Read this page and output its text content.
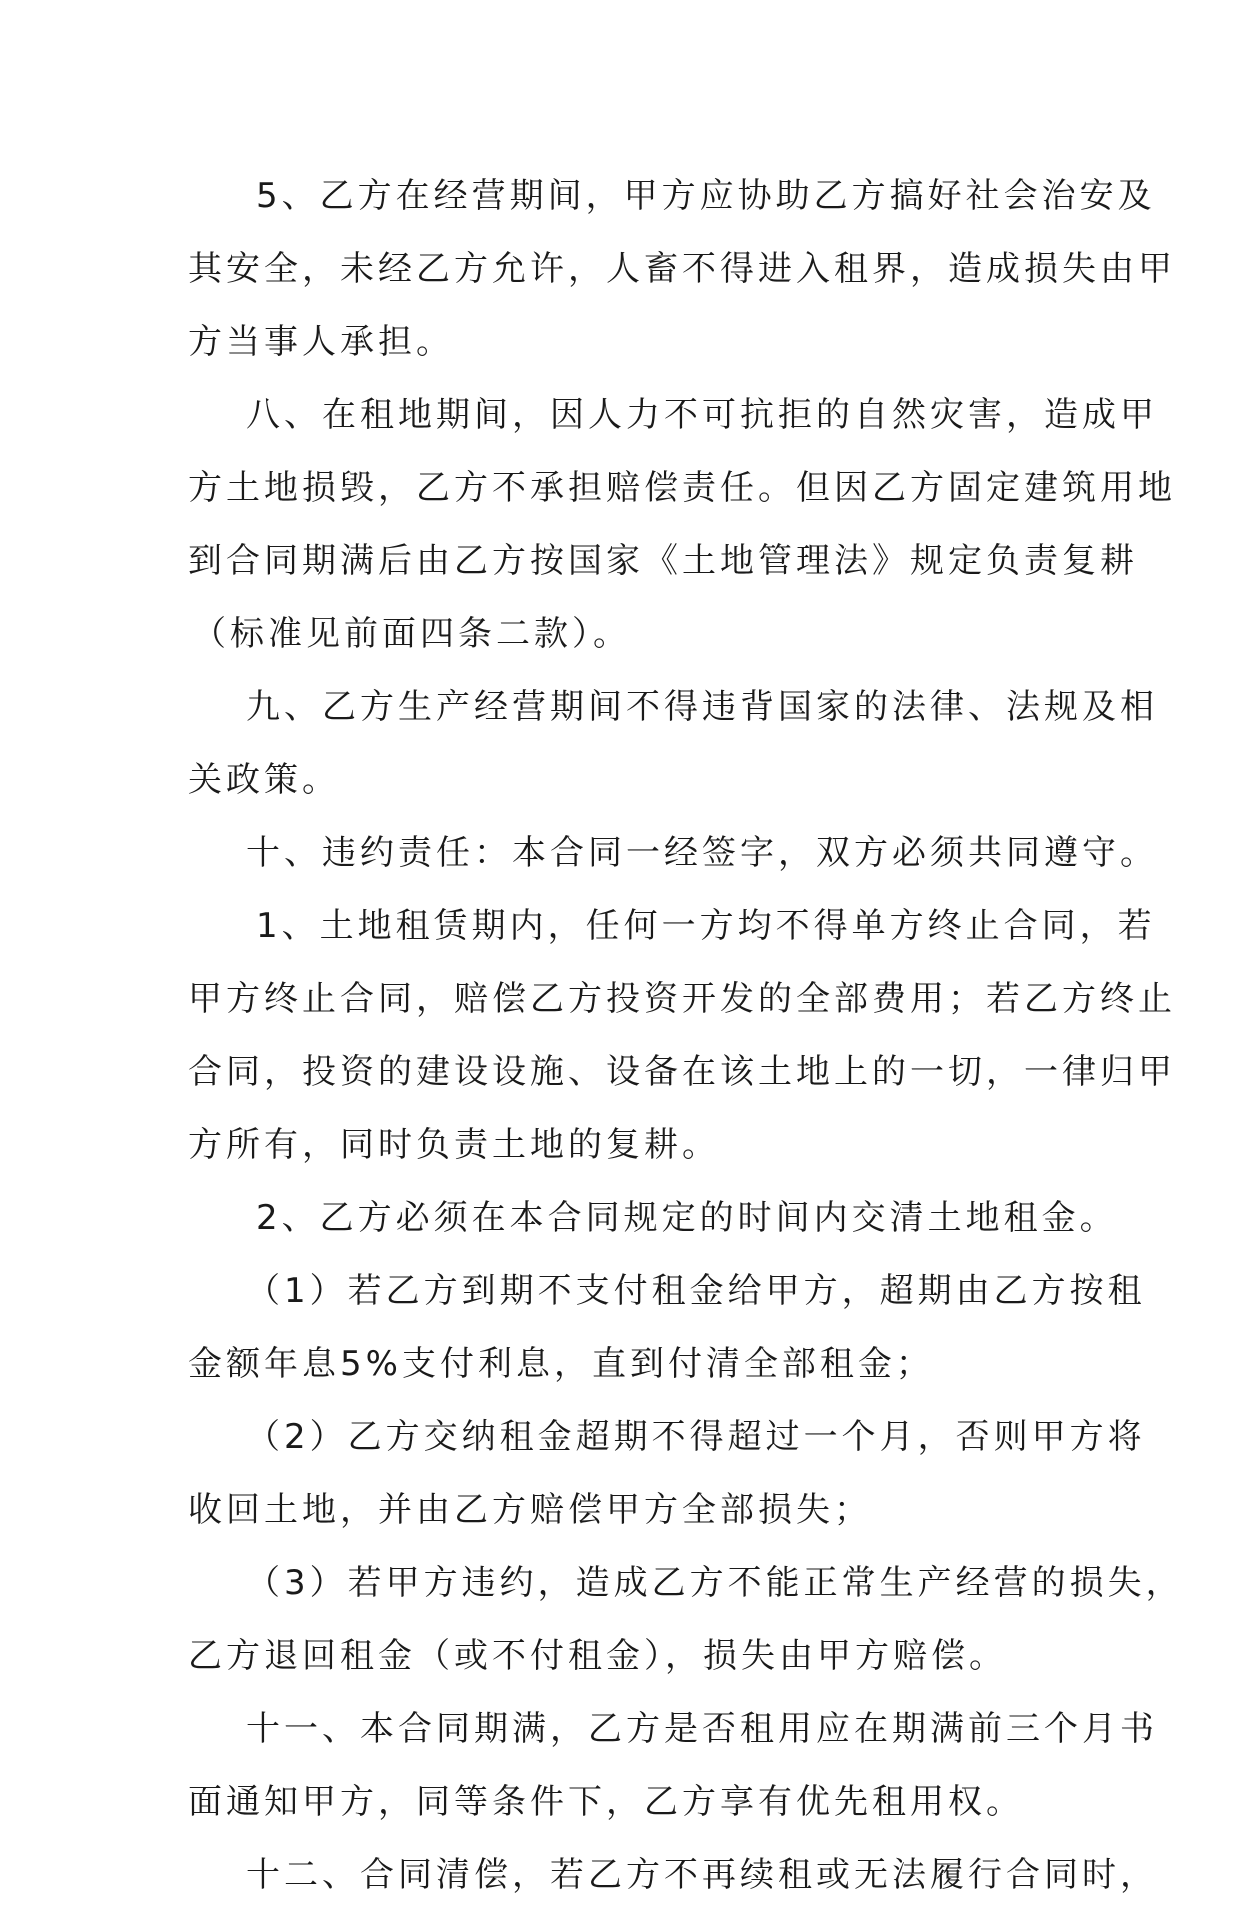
5、乙方在经营期间，甲方应协助乙方搞好社会治安及
其安全，未经乙方允许，人畜不得进入租界，造成损失由甲
方当事人承担。
八、在租地期间，因人力不可抗拒的自然灾害，造成甲
方土地损毁，乙方不承担赔偿责任。但因乙方固定建筑用地
到合同期满后由乙方按国家《土地管理法》规定负责复耕
（标准见前面四条二款）。
九、乙方生产经营期间不得违背国家的法律、法规及相
关政策。
十、违约责任：本合同一经签字，双方必须共同遵守。
1、土地租赁期内，任何一方均不得单方终止合同，若
甲方终止合同，赔偿乙方投资开发的全部费用；若乙方终止
合同，投资的建设设施、设备在该土地上的一切，一律归甲
方所有，同时负责土地的复耕。
2、乙方必须在本合同规定的时间内交清土地租金。
（1）若乙方到期不支付租金给甲方，超期由乙方按租
金额年息5%支付利息，直到付清全部租金；
（2）乙方交纳租金超期不得超过一个月，否则甲方将
收回土地，并由乙方赔偿甲方全部损失；
（3）若甲方违约，造成乙方不能正常生产经营的损失，
乙方退回租金（或不付租金），损失由甲方赔偿。
十一、本合同期满，乙方是否租用应在期满前三个月书
面通知甲方，同等条件下，乙方享有优先租用权。
十二、合同清偿，若乙方不再续租或无法履行合同时，
